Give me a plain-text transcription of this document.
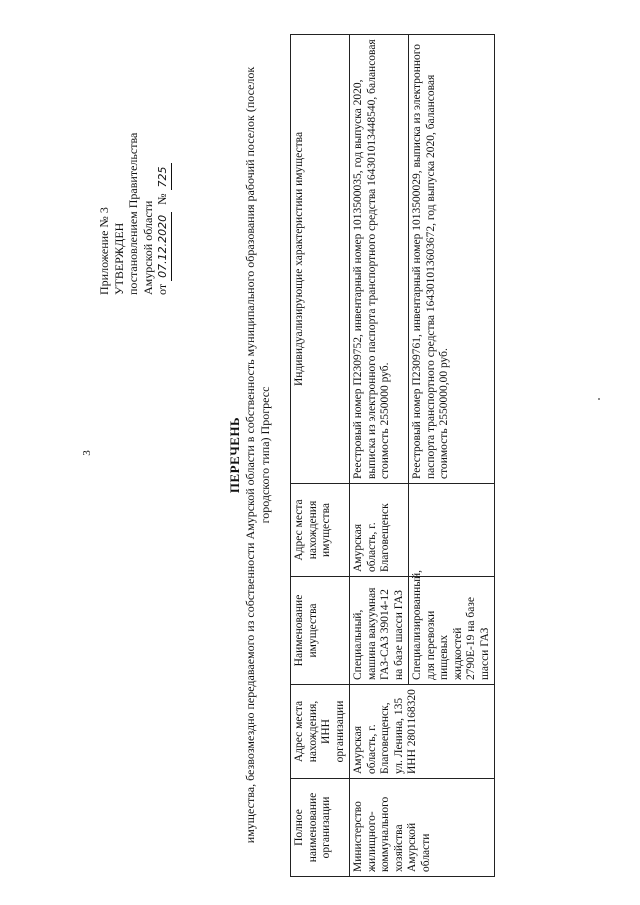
3
Приложение № 3 УТВЕРЖДЕН постановлением Правительства Амурской области от 07.12.2020 № 725
ПЕРЕЧЕНЬ имущества, безвозмездно передаваемого из собственности Амурской области в собственность муниципального образования рабочий поселок (поселок городского типа) Прогресс
Полное наименование организации	Адрес места нахождения, ИНН организации	Наименование имущества	Адрес места нахождения имущества	Индивидуализирующие характеристики имущества
Министерство жилищного-коммунального хозяйства Амурской области	Амурская область, г. Благовещенск, ул. Ленина, 135 ИНН 2801168320	Специальный, машина вакуумная ГАЗ-САЗ 39014-12 на базе шасси ГАЗ	Амурская область, г. Благовещенск	Реестровый номер П2309752, инвентарный номер 1013500035, год выпуска 2020, выписка из электронного паспорта транспортного средства 164301013448540, балансовая стоимость 2550000 руб.
		Специализированный, для перевозки пищевых жидкостей 2790Е-19 на базе шасси ГАЗ		Реестровый номер П2309761, инвентарный номер 1013500029, выписка из электронного паспорта транспортного средства 164301013603672, год выпуска 2020, балансовая стоимость 2550000,00 руб.
